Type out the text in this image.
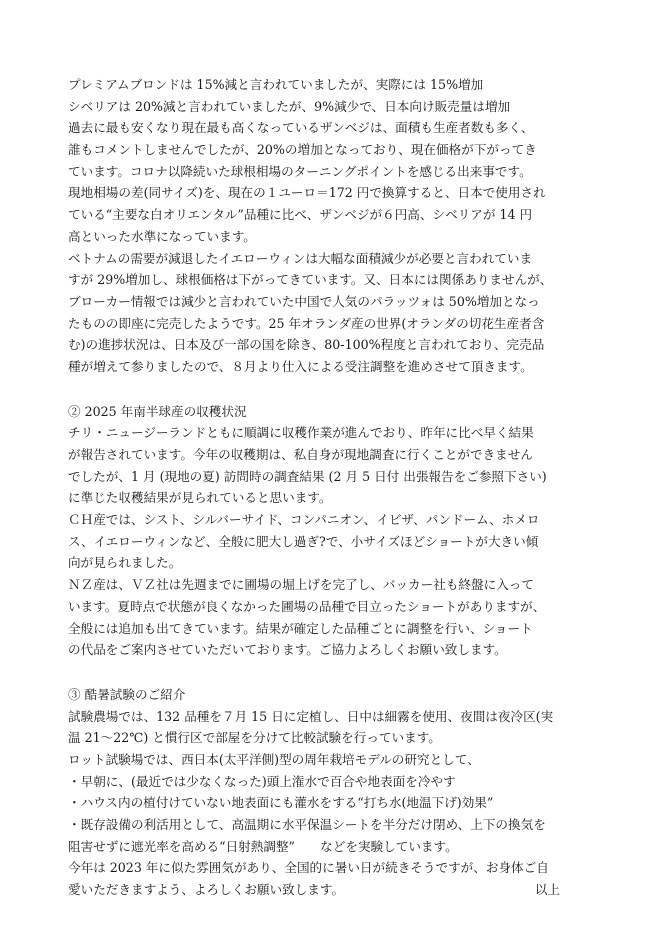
プレミアムブロンドは 15%減と言われていましたが、実際には 15%増加
シベリアは 20%減と言われていましたが、9%減少で、日本向け販売量は増加
過去に最も安くなり現在最も高くなっているザンベジは、面積も生産者数も多く、
誰もコメントしませんでしたが、20%の増加となっており、現在価格が下がってき
ています。コロナ以降続いた球根相場のターニングポイントを感じる出来事です。
現地相場の差(同サイズ)を、現在の１ユーロ＝172 円で換算すると、日本で使用され
ている“主要な白オリエンタル”品種に比べ、ザンベジが６円高、シベリアが 14 円
高といった水準になっています。
ベトナムの需要が減退したイエローウィンは大幅な面積減少が必要と言われていま
すが 29%増加し、球根価格は下がってきています。又、日本には関係ありませんが、
ブローカー情報では減少と言われていた中国で人気のパラッツォは 50%増加となっ
たものの即座に完売したようです。25 年オランダ産の世界(オランダの切花生産者含
む)の進捗状況は、日本及び一部の国を除き、80-100%程度と言われており、完売品
種が増えて参りましたので、８月より仕入による受注調整を進めさせて頂きます。
② 2025 年南半球産の収穫状況
チリ・ニュージーランドともに順調に収穫作業が進んでおり、昨年に比べ早く結果
が報告されています。今年の収穫期は、私自身が現地調査に行くことができません
でしたが、1 月 (現地の夏) 訪問時の調査結果 (2 月 5 日付 出張報告をご参照下さい)
に準じた収穫結果が見られていると思います。
ＣＨ産では、シスト、シルバーサイド、コンパニオン、イビザ、パンドーム、ホメロ
ス、イエローウィンなど、全般に肥大し過ぎ?で、小サイズほどショートが大きい傾
向が見られました。
ＮＺ産は、ＶＺ社は先週までに圃場の堀上げを完了し、バッカー社も終盤に入って
います。夏時点で状態が良くなかった圃場の品種で目立ったショートがありますが、
全般には追加も出てきています。結果が確定した品種ごとに調整を行い、ショート
の代品をご案内させていただいております。ご協力よろしくお願い致します。
③ 酷暑試験のご紹介
試験農場では、132 品種を７月 15 日に定植し、日中は細霧を使用、夜間は夜冷区(実
温 21～22℃) と慣行区で部屋を分けて比較試験を行っています。
ロット試験場では、西日本(太平洋側)型の周年栽培モデルの研究として、
・早朝に、(最近では少なくなった)頭上潅水で百合や地表面を冷やす
・ハウス内の植付けていない地表面にも灌水をする“打ち水(地温下げ)効果”
・既存設備の利活用として、高温期に水平保温シートを半分だけ閉め、上下の換気を
阻害せずに遮光率を高める“日射熱調整”　　などを実験しています。
今年は 2023 年に似た雰囲気があり、全国的に暑い日が続きそうですが、お身体ご自
愛いただきますよう、よろしくお願い致します。	以上
